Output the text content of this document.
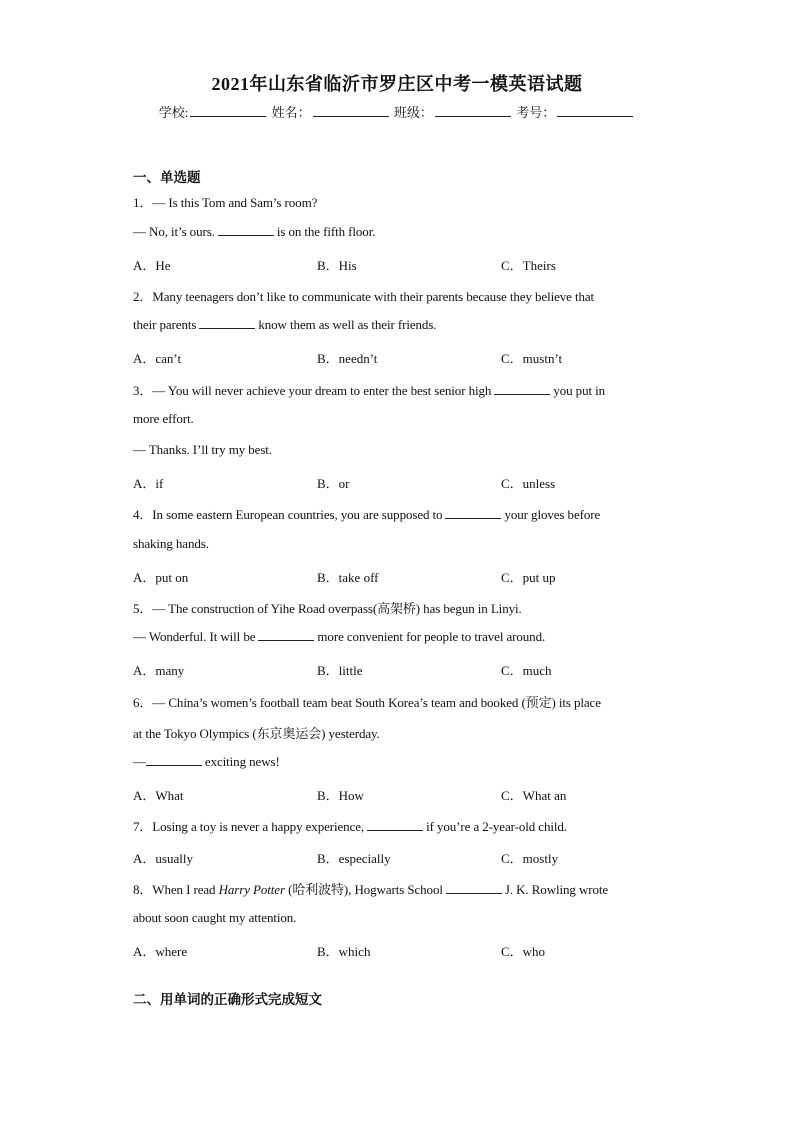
2021年山东省临沂市罗庄区中考一模英语试题
学校:	姓名：	班级：	考号：
一、单选题
1．— Is this Tom and Sam’s room?
— No, it’s ours.	is on the fifth floor.
A．He	B．His	C．Theirs
2．Many teenagers don’t like to communicate with their parents because they believe that
their parents	know them as well as their friends.
A．can’t	B．needn’t	C．mustn’t
3．— You will never achieve your dream to enter the best senior high	you put in
more effort.
— Thanks. I’ll try my best.
A．if	B．or	C．unless
4．In some eastern European countries, you are supposed to	your gloves before
shaking hands.
A．put on	B．take off	C．put up
5．— The construction of Yihe Road overpass(高架桥) has begun in Linyi.
— Wonderful. It will be	more convenient for people to travel around.
A．many	B．little	C．much
6．— China’s women’s football team beat South Korea’s team and booked (预定) its place
at the Tokyo Olympics (东京奥运会) yesterday.
—	exciting news!
A．What	B．How	C．What an
7．Losing a toy is never a happy experience,	if you’re a 2-year-old child.
A．usually	B．especially	C．mostly
8．When I read Harry Potter (哈利波特), Hogwarts School	J. K. Rowling wrote
about soon caught my attention.
A．where	B．which	C．who
二、用单词的正确形式完成短文
